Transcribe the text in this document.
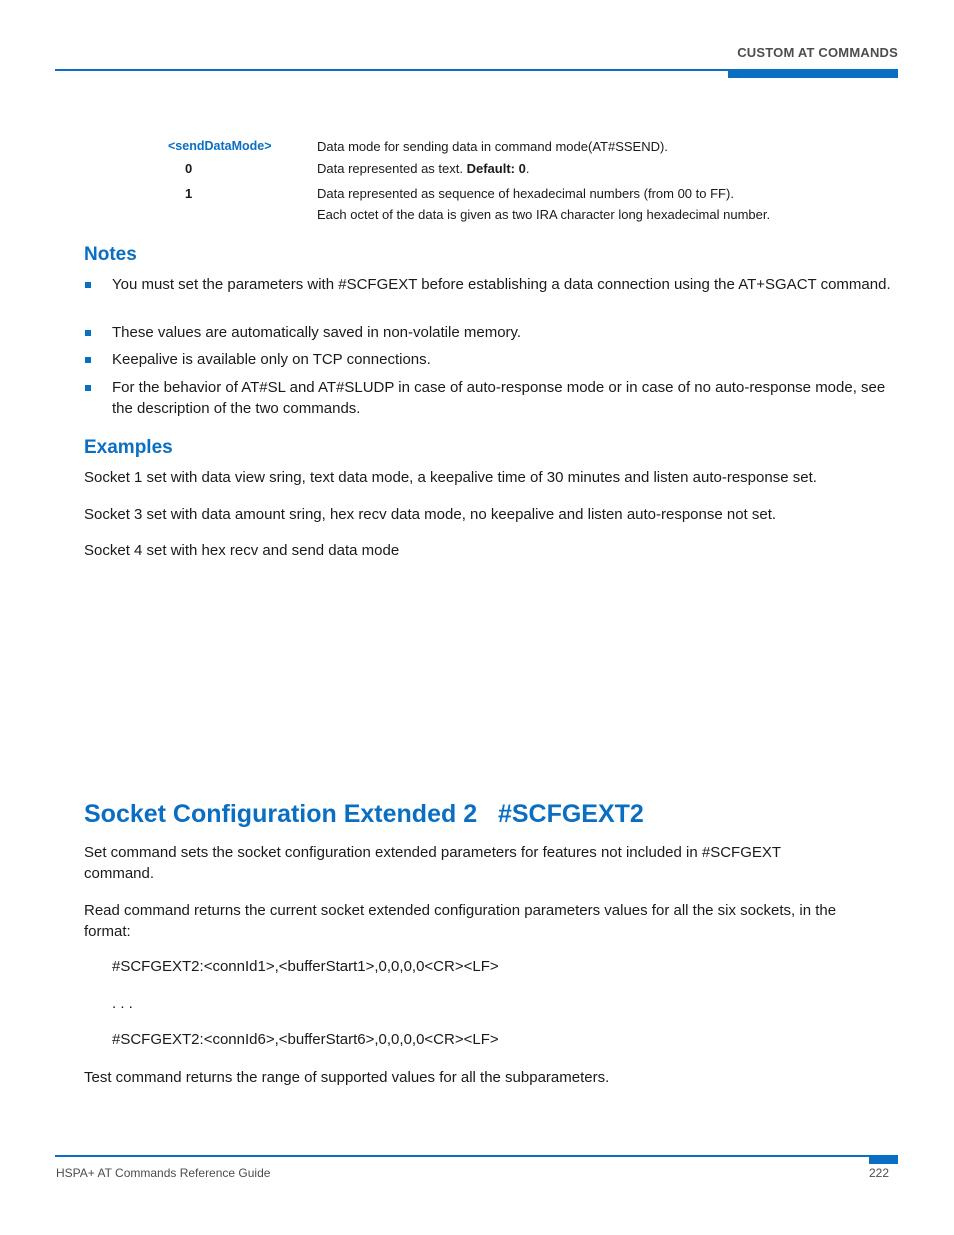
CUSTOM AT COMMANDS
<sendDataMode>	Data mode for sending data in command mode(AT#SSEND).
0	Data represented as text. Default: 0.
1	Data represented as sequence of hexadecimal numbers (from 00 to FF).
Each octet of the data is given as two IRA character long hexadecimal number.
Notes
You must set the parameters with #SCFGEXT before establishing a data connection using the AT+SGACT command.
These values are automatically saved in non-volatile memory.
Keepalive is available only on TCP connections.
For the behavior of AT#SL and AT#SLUDP in case of auto-response mode or in case of no auto-response mode, see the description of the two commands.
Examples
Socket 1 set with data view sring, text data mode, a keepalive time of 30 minutes and listen auto-response set.
Socket 3 set with data amount sring, hex recv data mode, no keepalive and listen auto-response not set.
Socket 4 set with hex recv and send data mode
Socket Configuration Extended 2   #SCFGEXT2
Set command sets the socket configuration extended parameters for features not included in #SCFGEXT command.
Read command returns the current socket extended configuration parameters values for all the six sockets, in the format:
#SCFGEXT2:<connId1>,<bufferStart1>,0,0,0,0<CR><LF>
. . .
#SCFGEXT2:<connId6>,<bufferStart6>,0,0,0,0<CR><LF>
Test command returns the range of supported values for all the subparameters.
HSPA+ AT Commands Reference Guide	222
